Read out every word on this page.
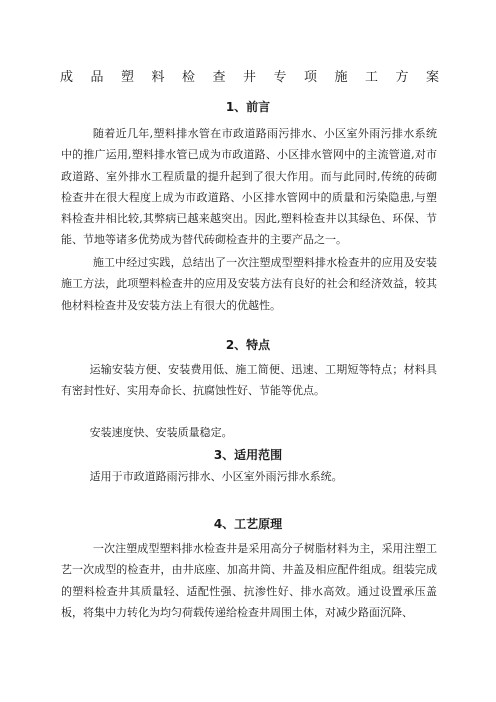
成品塑料检查井专项施工方案
1、前言

随着近几年,塑料排水管在市政道路雨污排水、小区室外雨污排水系统中的推广运用,塑料排水管已成为市政道路、小区排水管网中的主流管道,对市政道路、室外排水工程质量的提升起到了很大作用。而与此同时,传统的砖砌检查井在很大程度上成为市政道路、小区排水管网中的质量和污染隐患,与塑料检查井相比较,其弊病已越来越突出。因此,塑料检查井以其绿色、环保、节能、节地等诸多优势成为替代砖砌检查井的主要产品之一。

施工中经过实践，总结出了一次注塑成型塑料排水检查井的应用及安装施工方法，此项塑料检查井的应用及安装方法有良好的社会和经济效益，较其他材料检查井及安装方法上有很大的优越性。

2、特点

运输安装方便、安装费用低、施工简便、迅速、工期短等特点；材料具有密封性好、实用寿命长、抗腐蚀性好、节能等优点。

安装速度快、安装质量稳定。

3、适用范围

适用于市政道路雨污排水、小区室外雨污排水系统。

4、工艺原理

一次注塑成型塑料排水检查井是采用高分子树脂材料为主，采用注塑工艺一次成型的检查井，由井底座、加高井筒、井盖及相应配件组成。组装完成的塑料检查井其质量轻、适配性强、抗渗性好、排水高效。通过设置承压盖板，将集中力转化为均匀荷载传递给检查井周围土体，对减少路面沉降、
